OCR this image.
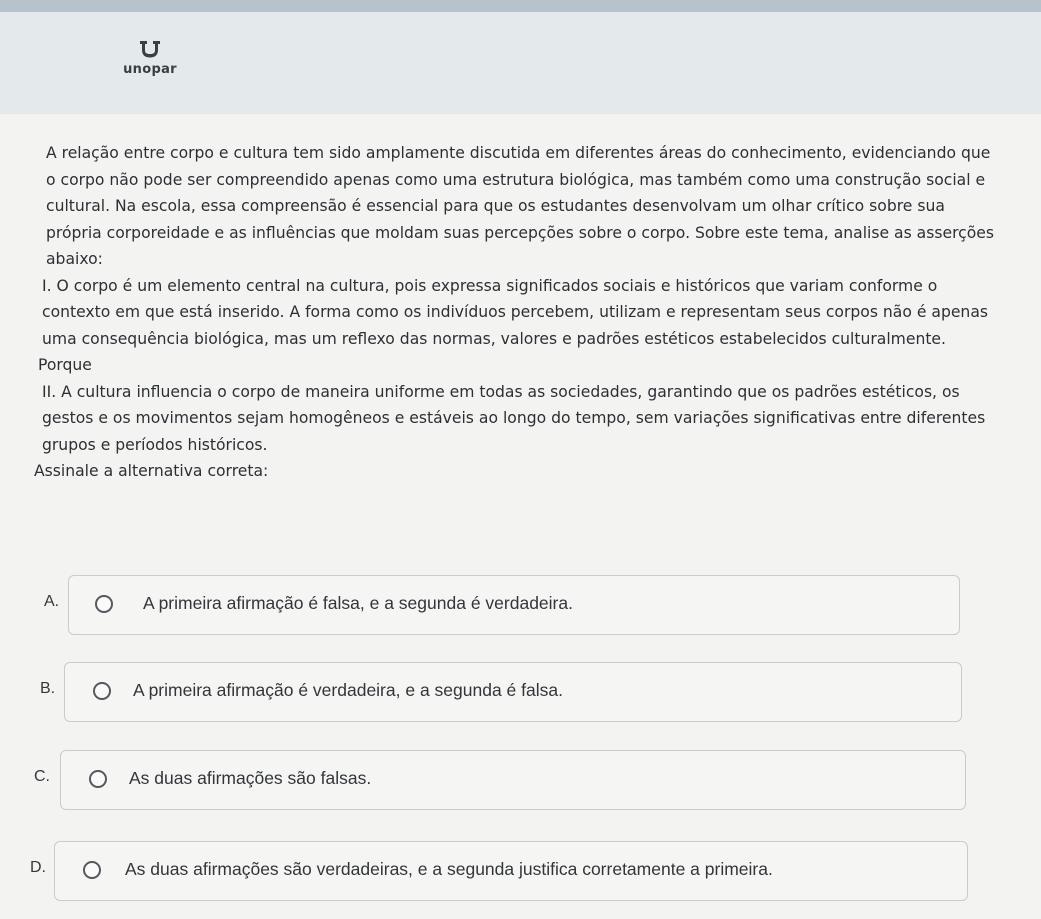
unopar

A relação entre corpo e cultura tem sido amplamente discutida em diferentes áreas do conhecimento, evidenciando que o corpo não pode ser compreendido apenas como uma estrutura biológica, mas também como uma construção social e cultural. Na escola, essa compreensão é essencial para que os estudantes desenvolvam um olhar crítico sobre sua própria corporeidade e as influências que moldam suas percepções sobre o corpo. Sobre este tema, analise as asserções abaixo:

I. O corpo é um elemento central na cultura, pois expressa significados sociais e históricos que variam conforme o contexto em que está inserido. A forma como os indivíduos percebem, utilizam e representam seus corpos não é apenas uma consequência biológica, mas um reflexo das normas, valores e padrões estéticos estabelecidos culturalmente.

Porque

II. A cultura influencia o corpo de maneira uniforme em todas as sociedades, garantindo que os padrões estéticos, os gestos e os movimentos sejam homogêneos e estáveis ao longo do tempo, sem variações significativas entre diferentes grupos e períodos históricos.

Assinale a alternativa correta:

A.	A primeira afirmação é falsa, e a segunda é verdadeira.
B.	A primeira afirmação é verdadeira, e a segunda é falsa.
C.	As duas afirmações são falsas.
D.	As duas afirmações são verdadeiras, e a segunda justifica corretamente a primeira.
